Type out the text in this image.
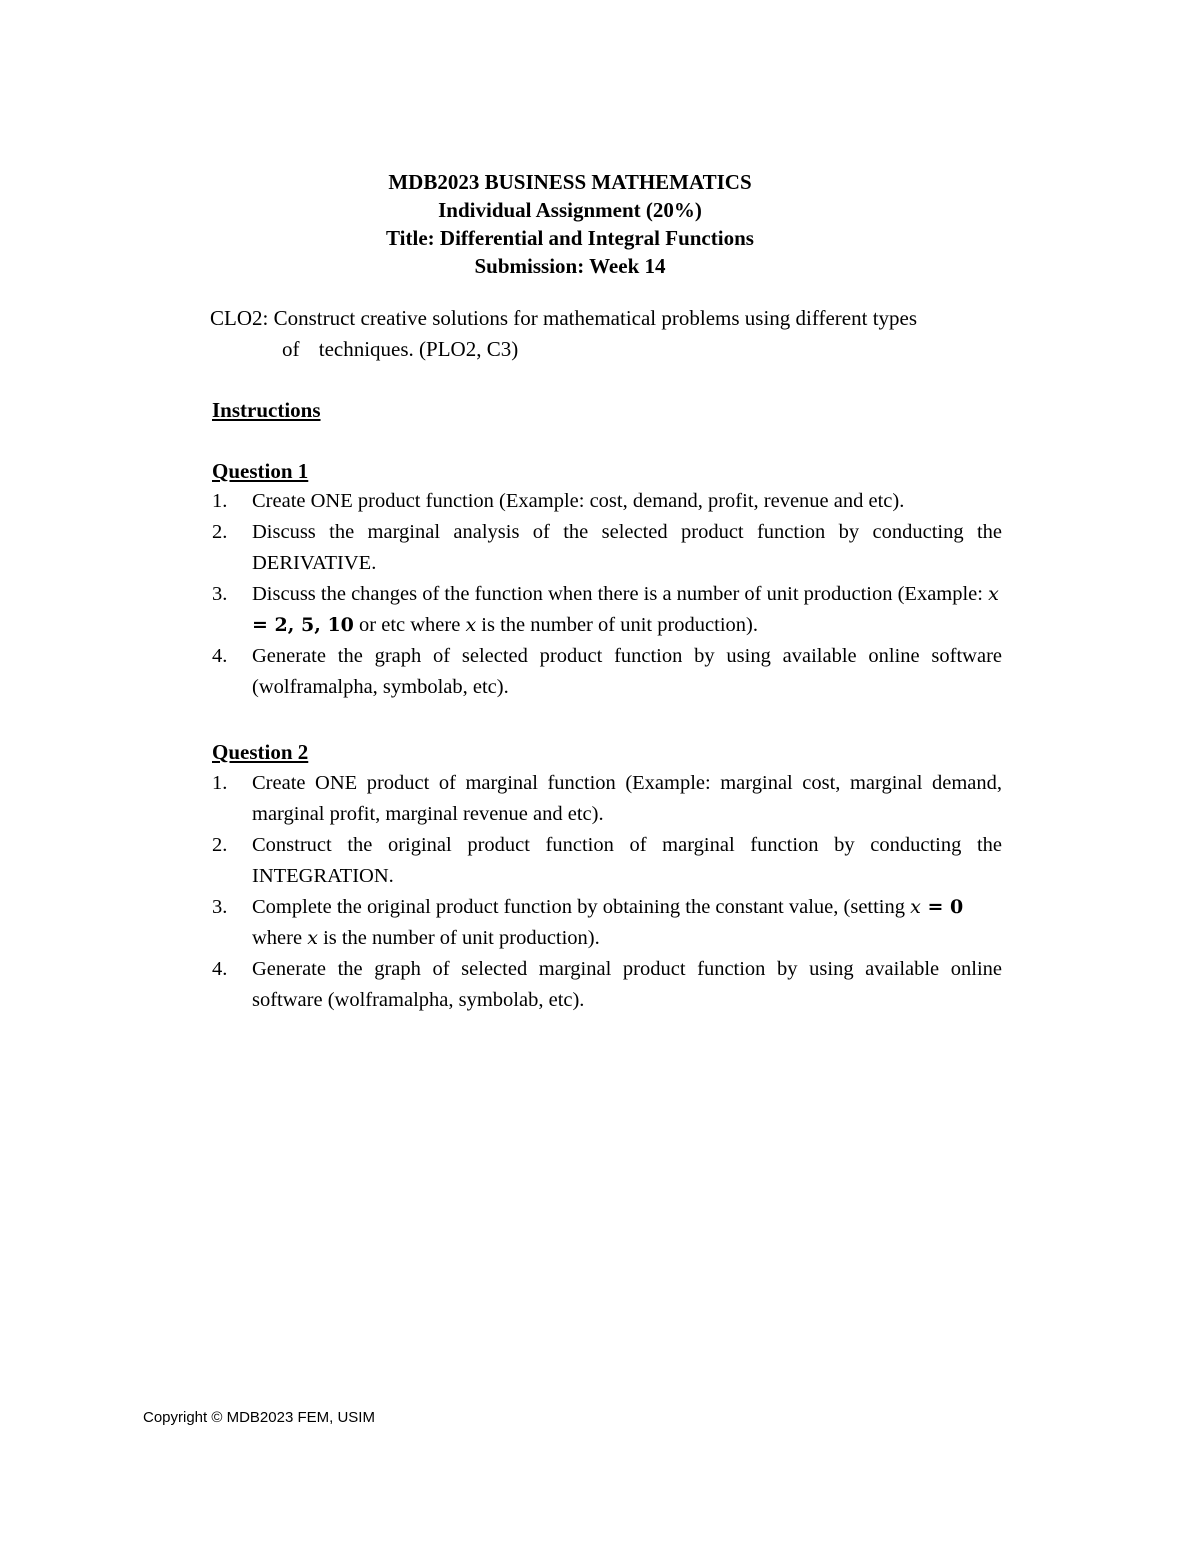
MDB2023 BUSINESS MATHEMATICS
Individual Assignment (20%)
Title: Differential and Integral Functions
Submission: Week 14
CLO2: Construct creative solutions for mathematical problems using different types
of techniques. (PLO2, C3)
Instructions
Question 1
1. Create ONE product function (Example: cost, demand, profit, revenue and etc).
2. Discuss the marginal analysis of the selected product function by conducting the DERIVATIVE.
3. Discuss the changes of the function when there is a number of unit production (Example: x = 2, 5, 10 or etc where x is the number of unit production).
4. Generate the graph of selected product function by using available online software (wolframalpha, symbolab, etc).
Question 2
1. Create ONE product of marginal function (Example: marginal cost, marginal demand, marginal profit, marginal revenue and etc).
2. Construct the original product function of marginal function by conducting the INTEGRATION.
3. Complete the original product function by obtaining the constant value, (setting x = 0 where x is the number of unit production).
4. Generate the graph of selected marginal product function by using available online software (wolframalpha, symbolab, etc).
Copyright © MDB2023 FEM, USIM
